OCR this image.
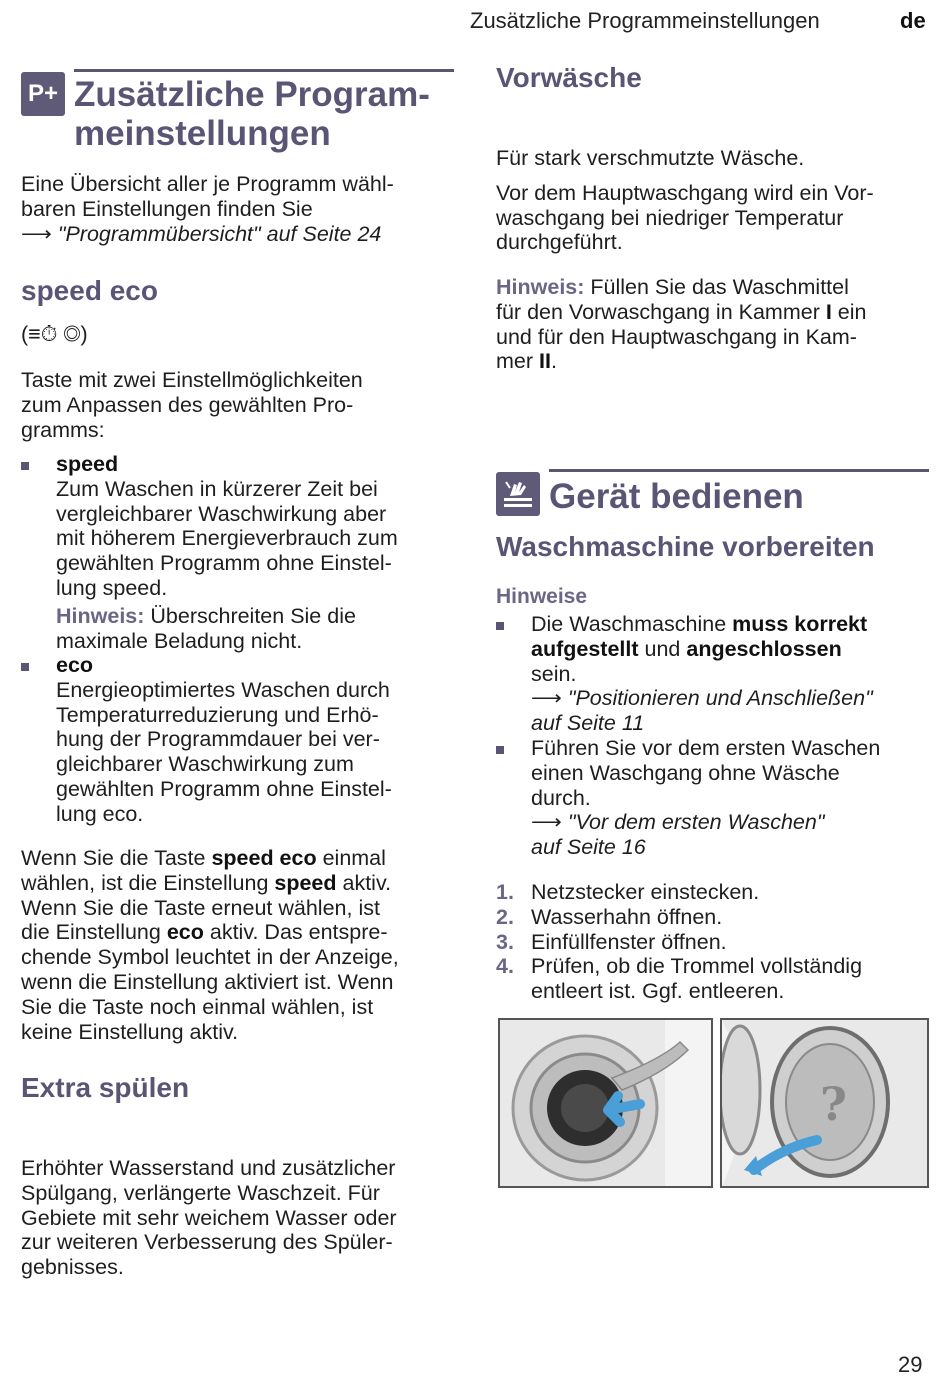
Zusätzliche Programmeinstellungen	de
P+ Zusätzliche Program-
meinstellungen
Eine Übersicht aller je Programm wähl-
baren Einstellungen finden Sie
⟶ "Programmübersicht" auf Seite 24
speed eco
(≡⏱ ◎)
Taste mit zwei Einstellmöglichkeiten
zum Anpassen des gewählten Pro-
gramms:
speed
Zum Waschen in kürzerer Zeit bei
vergleichbarer Waschwirkung aber
mit höherem Energieverbrauch zum
gewählten Programm ohne Einstel-
lung speed.
Hinweis: Überschreiten Sie die
maximale Beladung nicht.
eco
Energieoptimiertes Waschen durch
Temperaturreduzierung und Erhö-
hung der Programmdauer bei ver-
gleichbarer Waschwirkung zum
gewählten Programm ohne Einstel-
lung eco.
Wenn Sie die Taste speed eco einmal
wählen, ist die Einstellung speed aktiv.
Wenn Sie die Taste erneut wählen, ist
die Einstellung eco aktiv. Das entspre-
chende Symbol leuchtet in der Anzeige,
wenn die Einstellung aktiviert ist. Wenn
Sie die Taste noch einmal wählen, ist
keine Einstellung aktiv.
Extra spülen
Erhöhter Wasserstand und zusätzlicher
Spülgang, verlängerte Waschzeit. Für
Gebiete mit sehr weichem Wasser oder
zur weiteren Verbesserung des Spüler-
gebnisses.
Vorwäsche
Für stark verschmutzte Wäsche.
Vor dem Hauptwaschgang wird ein Vor-
waschgang bei niedriger Temperatur
durchgeführt.
Hinweis: Füllen Sie das Waschmittel
für den Vorwaschgang in Kammer I ein
und für den Hauptwaschgang in Kam-
mer II.
Gerät bedienen
Waschmaschine vorbereiten
Hinweise
Die Waschmaschine muss korrekt
aufgestellt und angeschlossen
sein.
⟶ "Positionieren und Anschließen"
auf Seite 11
Führen Sie vor dem ersten Waschen
einen Waschgang ohne Wäsche
durch.
⟶ "Vor dem ersten Waschen"
auf Seite 16
1. Netzstecker einstecken.
2. Wasserhahn öffnen.
3. Einfüllfenster öffnen.
4. Prüfen, ob die Trommel vollständig
entleert ist. Ggf. entleeren.
?
29
